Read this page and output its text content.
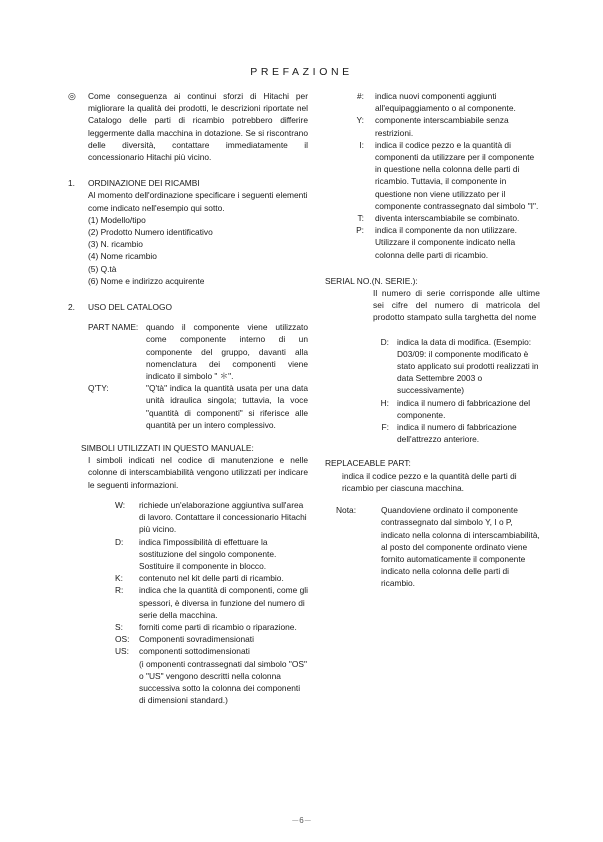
PREFAZIONE
◎ Come conseguenza ai continui sforzi di Hitachi per migliorare la qualità dei prodotti, le descrizioni riportate nel Catalogo delle parti di ricambio potrebbero differire leggermente dalla macchina in dotazione. Se si riscontrano delle diversità, contattare immediatamente il concessionario Hitachi più vicino.
1. ORDINAZIONE DEI RICAMBI
Al momento dell'ordinazione specificare i seguenti elementi come indicato nell'esempio qui sotto.
(1) Modello/tipo
(2) Prodotto Numero identificativo
(3) N. ricambio
(4) Nome ricambio
(5) Q.tà
(6) Nome e indirizzo acquirente
2. USO DEL CATALOGO
PART NAME: quando il componente viene utilizzato come componente interno di un componente del gruppo, davanti alla nomenclatura dei componenti viene indicato il simbolo " ＊".
Q'TY:	"Q'tà" indica la quantità usata per una data unità idraulica singola; tuttavia, la voce "quantità di componenti" si riferisce alle quantità per un intero complessivo.
SIMBOLI UTILIZZATI IN QUESTO MANUALE:
I simboli indicati nel codice di manutenzione e nelle colonne di interscambiabilità vengono utilizzati per indicare le seguenti informazioni.
W:	richiede un'elaborazione aggiuntiva sull'area di lavoro. Contattare il concessionario Hitachi più vicino.
D:	indica l'impossibilità di effettuare la sostituzione del singolo componente. Sostituire il componente in blocco.
K:	contenuto nel kit delle parti di ricambio.
R:	indica che la quantità di componenti, come gli spessori, è diversa in funzione del numero di serie della macchina.
S:	forniti come parti di ricambio o riparazione.
OS:	Componenti sovradimensionati
US:	componenti sottodimensionati
(i omponenti contrassegnati dal simbolo "OS" o "US" vengono descritti nella colonna successiva sotto la colonna dei componenti di dimensioni standard.)
#:	indica nuovi componenti aggiunti all'equipaggiamento o al componente.
Y:	componente interscambiabile senza restrizioni.
I:	indica il codice pezzo e la quantità di componenti da utilizzare per il componente in questione nella colonna delle parti di ricambio. Tuttavia, il componente in questione non viene utilizzato per il componente contrassegnato dal simbolo "I".
T:	diventa interscambiabile se combinato.
P:	indica il componente da non utilizzare. Utilizzare il componente indicato nella colonna delle parti di ricambio.
SERIAL NO.(N. SERIE.):
Il numero di serie corrisponde alle ultime sei cifre del numero di matricola del prodotto stampato sulla targhetta del nome
D: indica la data di modifica. (Esempio: D03/09: il componente modificato è stato applicato sui prodotti realizzati in data Settembre 2003 o successivamente)
H: indica il numero di fabbricazione del componente.
F: indica il numero di fabbricazione dell'attrezzo anteriore.
REPLACEABLE PART:
indica il codice pezzo e la quantità delle parti di ricambio per ciascuna macchina.
Nota:	Quandoviene ordinato il componente contrassegnato dal simbolo Y, I o P, indicato nella colonna di interscambiabilità, al posto del componente ordinato viene fornito automaticamente il componente indicato nella colonna delle parti di ricambio.
－6－
